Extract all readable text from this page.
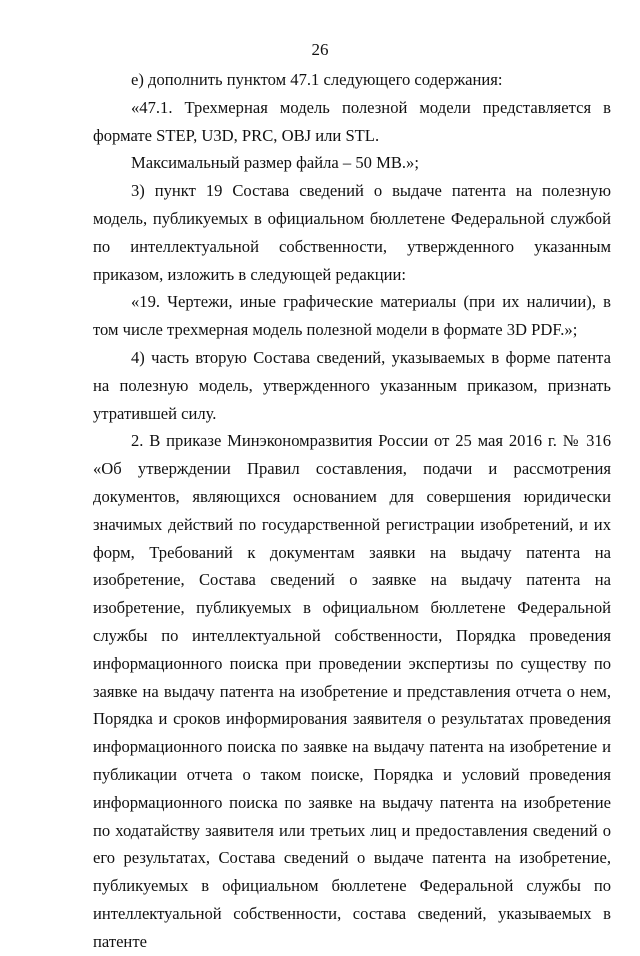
26

е) дополнить пунктом 47.1 следующего содержания:

«47.1. Трехмерная модель полезной модели представляется в формате STEP, U3D, PRC, OBJ или STL.

Максимальный размер файла – 50 MB.»;

3) пункт 19 Состава сведений о выдаче патента на полезную модель, публикуемых в официальном бюллетене Федеральной службой по интеллектуальной собственности, утвержденного указанным приказом, изложить в следующей редакции:

«19. Чертежи, иные графические материалы (при их наличии), в том числе трехмерная модель полезной модели в формате 3D PDF.»;

4) часть вторую Состава сведений, указываемых в форме патента на полезную модель, утвержденного указанным приказом, признать утратившей силу.

2. В приказе Минэкономразвития России от 25 мая 2016 г. № 316 «Об утверждении Правил составления, подачи и рассмотрения документов, являющихся основанием для совершения юридически значимых действий по государственной регистрации изобретений, и их форм, Требований к документам заявки на выдачу патента на изобретение, Состава сведений о заявке на выдачу патента на изобретение, публикуемых в официальном бюллетене Федеральной службы по интеллектуальной собственности, Порядка проведения информационного поиска при проведении экспертизы по существу по заявке на выдачу патента на изобретение и представления отчета о нем, Порядка и сроков информирования заявителя о результатах проведения информационного поиска по заявке на выдачу патента на изобретение и публикации отчета о таком поиске, Порядка и условий проведения информационного поиска по заявке на выдачу патента на изобретение по ходатайству заявителя или третьих лиц и предоставления сведений о его результатах, Состава сведений о выдаче патента на изобретение, публикуемых в официальном бюллетене Федеральной службы по интеллектуальной собственности, состава сведений, указываемых в патенте
